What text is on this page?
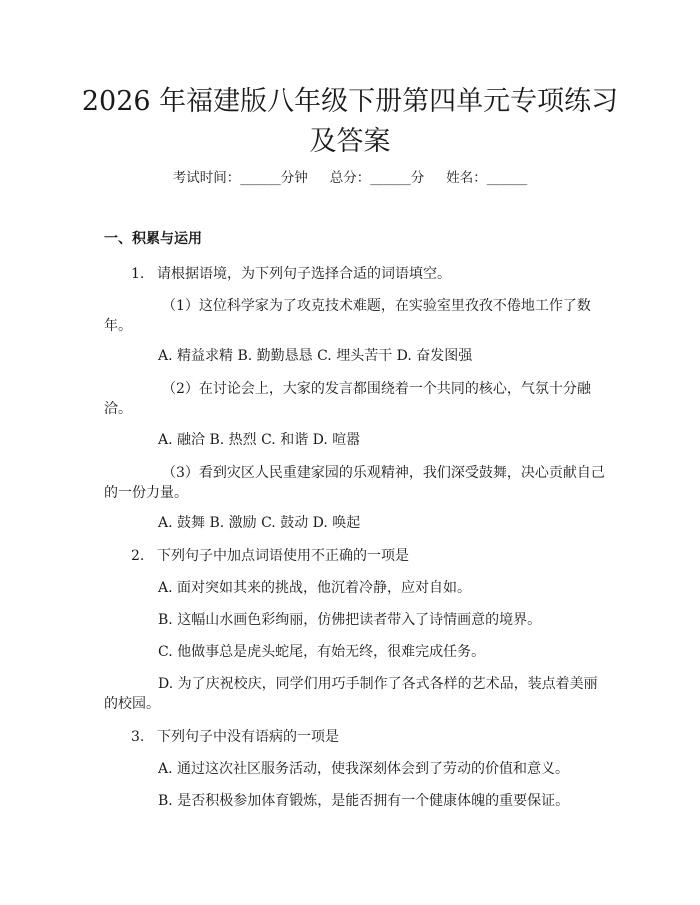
2026 年福建版八年级下册第四单元专项练习及答案
考试时间：______分钟 总分：______分 姓名：______
一、积累与运用
1. 请根据语境，为下列句子选择合适的词语填空。
（1）这位科学家为了攻克技术难题，在实验室里孜孜不倦地工作了数
年。
A. 精益求精 B. 勤勤恳恳 C. 埋头苦干 D. 奋发图强
（2）在讨论会上，大家的发言都围绕着一个共同的核心，气氛十分融
洽。
A. 融洽 B. 热烈 C. 和谐 D. 喧嚣
（3）看到灾区人民重建家园的乐观精神，我们深受鼓舞，决心贡献自己
的一份力量。
A. 鼓舞 B. 激励 C. 鼓动 D. 唤起
2. 下列句子中加点词语使用不正确的一项是
A. 面对突如其来的挑战，他沉着冷静，应对自如。
B. 这幅山水画色彩绚丽，仿佛把读者带入了诗情画意的境界。
C. 他做事总是虎头蛇尾，有始无终，很难完成任务。
D. 为了庆祝校庆，同学们用巧手制作了各式各样的艺术品，装点着美丽
的校园。
3. 下列句子中没有语病的一项是
A. 通过这次社区服务活动，使我深刻体会到了劳动的价值和意义。
B. 是否积极参加体育锻炼，是能否拥有一个健康体魄的重要保证。
